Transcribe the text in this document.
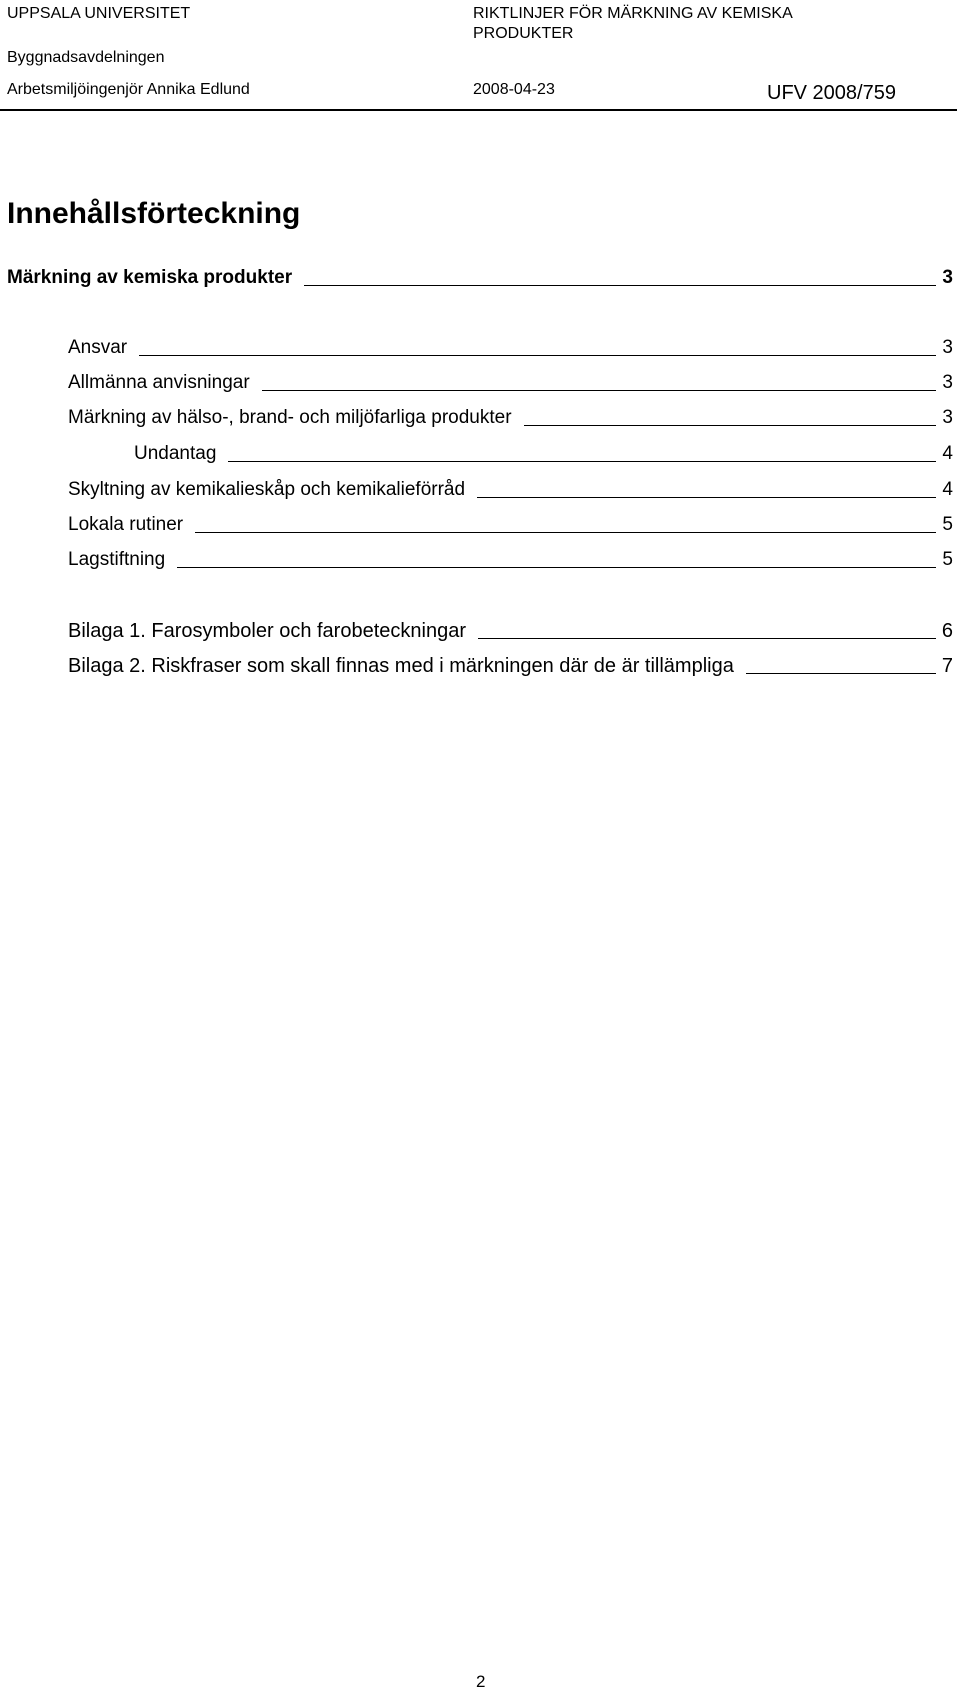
UPPSALA UNIVERSITET
Byggnadsavdelningen
Arbetsmiljöingenjör Annika Edlund
RIKTLINJER FÖR MÄRKNING AV KEMISKA
PRODUKTER
2008-04-23	UFV 2008/759
Innehållsförteckning
Märkning av kemiska produkter	3
Ansvar	3
Allmänna anvisningar	3
Märkning av hälso-, brand- och miljöfarliga produkter	3
Undantag	4
Skyltning av kemikalieskåp och kemikalieförråd	4
Lokala rutiner	5
Lagstiftning	5
Bilaga 1. Farosymboler och farobeteckningar	6
Bilaga 2. Riskfraser som skall finnas med i märkningen där de är tillämpliga	7
2
